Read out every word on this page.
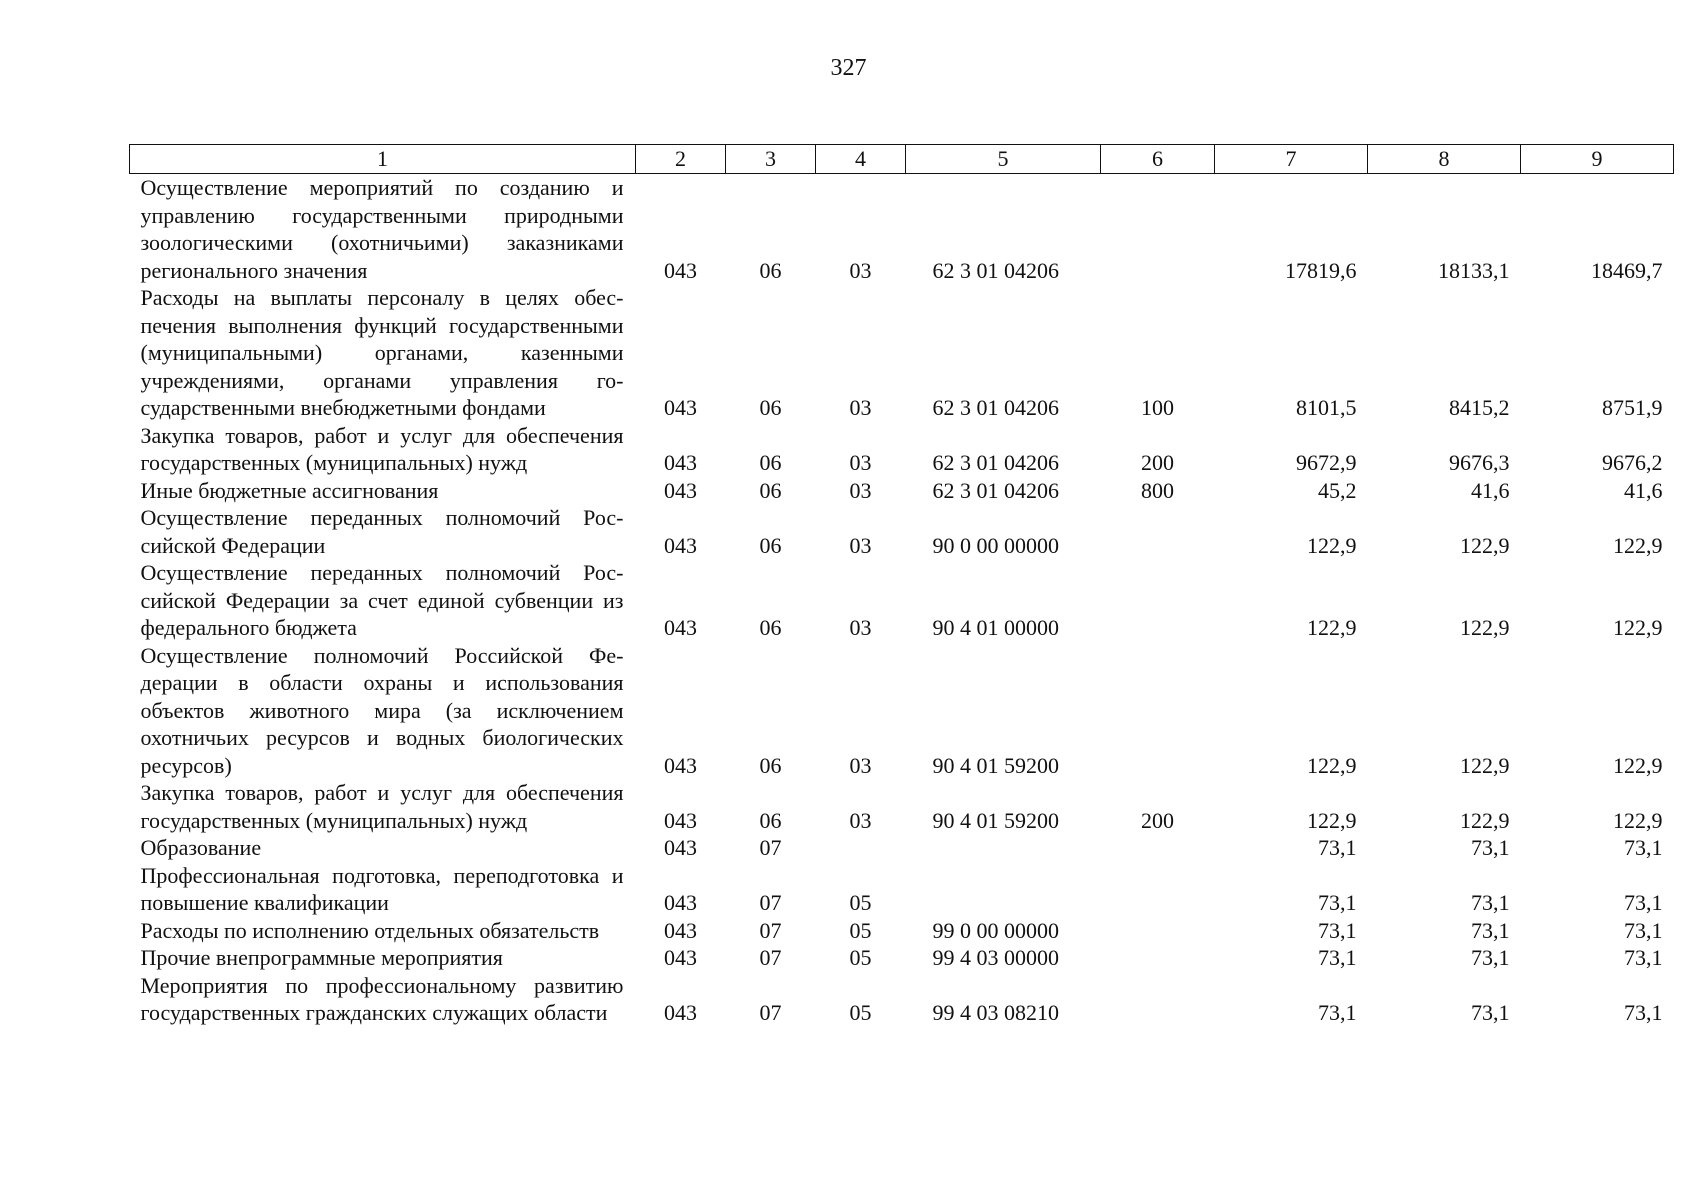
327
1	2	3	4	5	6	7	8	9
Осуществление мероприятий по созданию и управлению государственными природными зоологическими (охотничьими) заказниками регионального значения	043	06	03	62 3 01 04206		17819,6	18133,1	18469,7
Расходы на выплаты персоналу в целях обеспечения выполнения функций государственными (муниципальными) органами, казенными учреждениями, органами управления государственными внебюджетными фондами	043	06	03	62 3 01 04206	100	8101,5	8415,2	8751,9
Закупка товаров, работ и услуг для обеспечения государственных (муниципальных) нужд	043	06	03	62 3 01 04206	200	9672,9	9676,3	9676,2
Иные бюджетные ассигнования	043	06	03	62 3 01 04206	800	45,2	41,6	41,6
Осуществление переданных полномочий Российской Федерации	043	06	03	90 0 00 00000		122,9	122,9	122,9
Осуществление переданных полномочий Российской Федерации за счет единой субвенции из федерального бюджета	043	06	03	90 4 01 00000		122,9	122,9	122,9
Осуществление полномочий Российской Федерации в области охраны и использования объектов животного мира (за исключением охотничьих ресурсов и водных биологических ресурсов)	043	06	03	90 4 01 59200		122,9	122,9	122,9
Закупка товаров, работ и услуг для обеспечения государственных (муниципальных) нужд	043	06	03	90 4 01 59200	200	122,9	122,9	122,9
Образование	043	07				73,1	73,1	73,1
Профессиональная подготовка, переподготовка и повышение квалификации	043	07	05			73,1	73,1	73,1
Расходы по исполнению отдельных обязательств	043	07	05	99 0 00 00000		73,1	73,1	73,1
Прочие внепрограммные мероприятия	043	07	05	99 4 03 00000		73,1	73,1	73,1
Мероприятия по профессиональному развитию государственных гражданских служащих области	043	07	05	99 4 03 08210		73,1	73,1	73,1
